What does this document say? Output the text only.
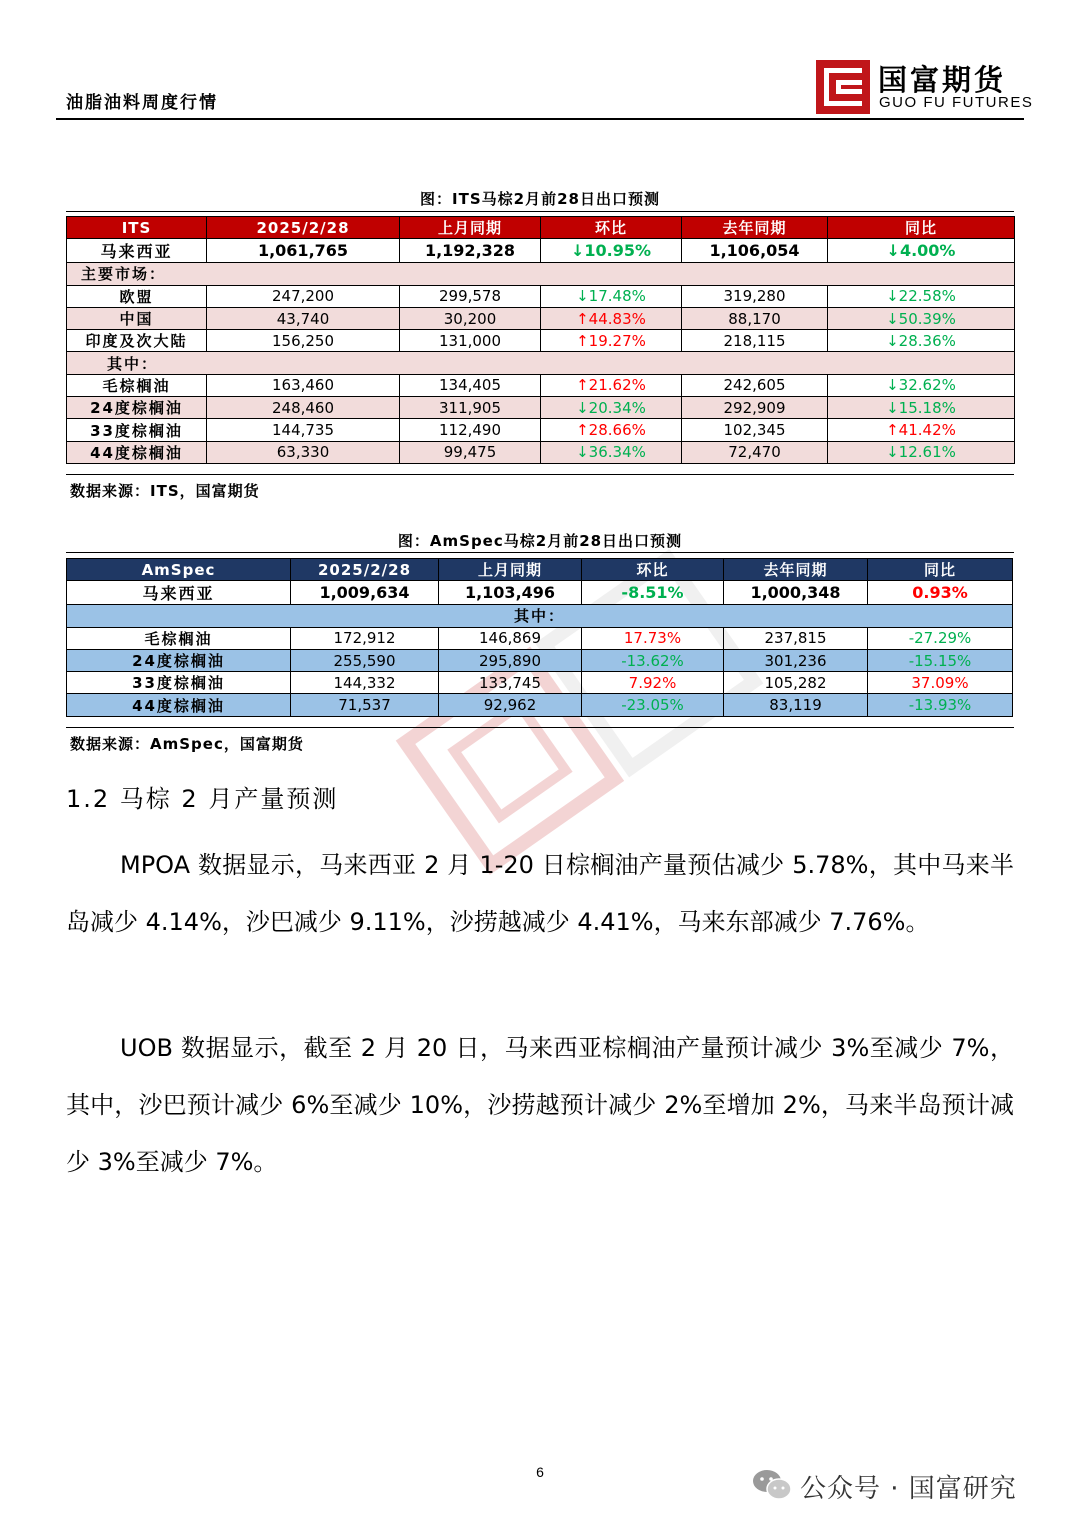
油脂油料周度行情
国富期货
GUO FU FUTURES
图：ITS马棕2月前28日出口预测
ITS	2025/2/28	上月同期	环比	去年同期	同比
马来西亚	1,061,765	1,192,328	↓10.95%	1,106,054	↓4.00%
主要市场：					
欧盟	247,200	299,578	↓17.48%	319,280	↓22.58%
中国	43,740	30,200	↑44.83%	88,170	↓50.39%
印度及次大陆	156,250	131,000	↑19.27%	218,115	↓28.36%
其中：					
毛棕榈油	163,460	134,405	↑21.62%	242,605	↓32.62%
24度棕榈油	248,460	311,905	↓20.34%	292,909	↓15.18%
33度棕榈油	144,735	112,490	↑28.66%	102,345	↑41.42%
44度棕榈油	63,330	99,475	↓36.34%	72,470	↓12.61%
数据来源：ITS，国富期货
图：AmSpec马棕2月前28日出口预测
AmSpec	2025/2/28	上月同期	环比	去年同期	同比
马来西亚	1,009,634	1,103,496	-8.51%	1,000,348	0.93%
其中：					
毛棕榈油	172,912	146,869	17.73%	237,815	-27.29%
24度棕榈油	255,590	295,890	-13.62%	301,236	-15.15%
33度棕榈油	144,332	133,745	7.92%	105,282	37.09%
44度棕榈油	71,537	92,962	-23.05%	83,119	-13.93%
数据来源：AmSpec，国富期货
1.2 马棕 2 月产量预测
MPOA 数据显示，马来西亚 2 月 1-20 日棕榈油产量预估减少 5.78%，其中马来半岛减少 4.14%，沙巴减少 9.11%，沙捞越减少 4.41%，马来东部减少 7.76%。
UOB 数据显示，截至 2 月 20 日，马来西亚棕榈油产量预计减少 3%至减少 7%，其中，沙巴预计减少 6%至减少 10%，沙捞越预计减少 2%至增加 2%，马来半岛预计减少 3%至减少 7%。
6
公众号 · 国富研究
